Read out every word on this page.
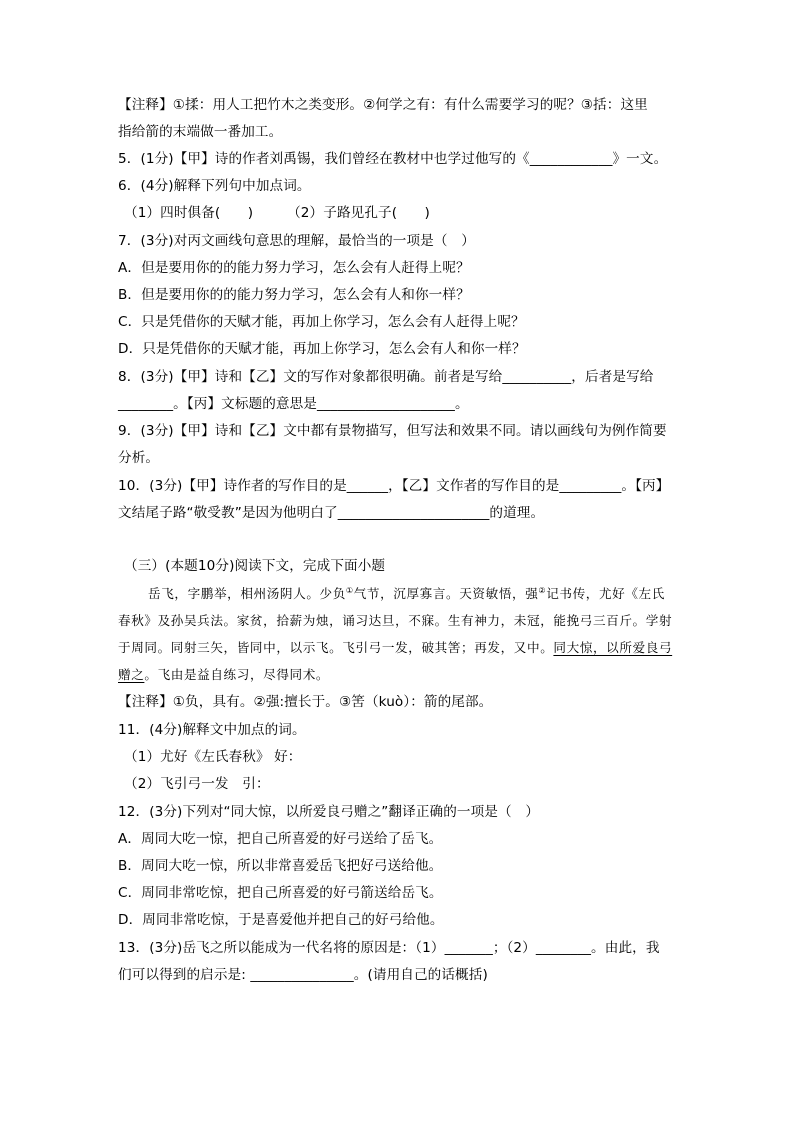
【注释】①揉：用人工把竹木之类变形。②何学之有：有什么需要学习的呢？③括：这里
指给箭的末端做一番加工。
5．(1分)【甲】诗的作者刘禹锡，我们曾经在教材中也学过他写的《____________》一文。
6．(4分)解释下列句中加点词。
（1）四时俱备(　　)	（2）子路见孔子(　　)
7．(3分)对丙文画线句意思的理解，最恰当的一项是（　）
A．但是要用你的的能力努力学习，怎么会有人赶得上呢？
B．但是要用你的的能力努力学习，怎么会有人和你一样？
C．只是凭借你的天赋才能，再加上你学习，怎么会有人赶得上呢？
D．只是凭借你的天赋才能，再加上你学习，怎么会有人和你一样？
8．(3分)【甲】诗和【乙】文的写作对象都很明确。前者是写给__________，后者是写给
________。【丙】文标题的意思是____________________。
9．(3分)【甲】诗和【乙】文中都有景物描写，但写法和效果不同。请以画线句为例作简要
分析。
10．(3分)【甲】诗作者的写作目的是______，【乙】文作者的写作目的是_________。【丙】
文结尾子路“敬受教”是因为他明白了______________________的道理。
（三）(本题10分)阅读下文，完成下面小题
岳飞，字鹏举，相州汤阴人。少负①气节，沉厚寡言。天资敏悟，强②记书传，尤好《左氏春秋》及孙吴兵法。家贫，拾薪为烛，诵习达旦，不寐。生有神力，未冠，能挽弓三百斤。学射于周同。同射三矢，皆同中，以示飞。飞引弓一发，破其筈；再发，又中。同大惊，以所爱良弓赠之。飞由是益自练习，尽得同术。
【注释】①负，具有。②强:擅长于。③筈（kuò）：箭的尾部。
11．(4分)解释文中加点的词。
（1）尤好《左氏春秋》 好：
（2）飞引弓一发　引：
12．(3分)下列对“同大惊，以所爱良弓赠之”翻译正确的一项是（　）
A．周同大吃一惊，把自己所喜爱的好弓送给了岳飞。
B．周同大吃一惊，所以非常喜爱岳飞把好弓送给他。
C．周同非常吃惊，把自己所喜爱的好弓箭送给岳飞。
D．周同非常吃惊，于是喜爱他并把自己的好弓给他。
13．(3分)岳飞之所以能成为一代名将的原因是：（1）_______；（2）________。由此，我
们可以得到的启示是: _______________。(请用自己的话概括)
